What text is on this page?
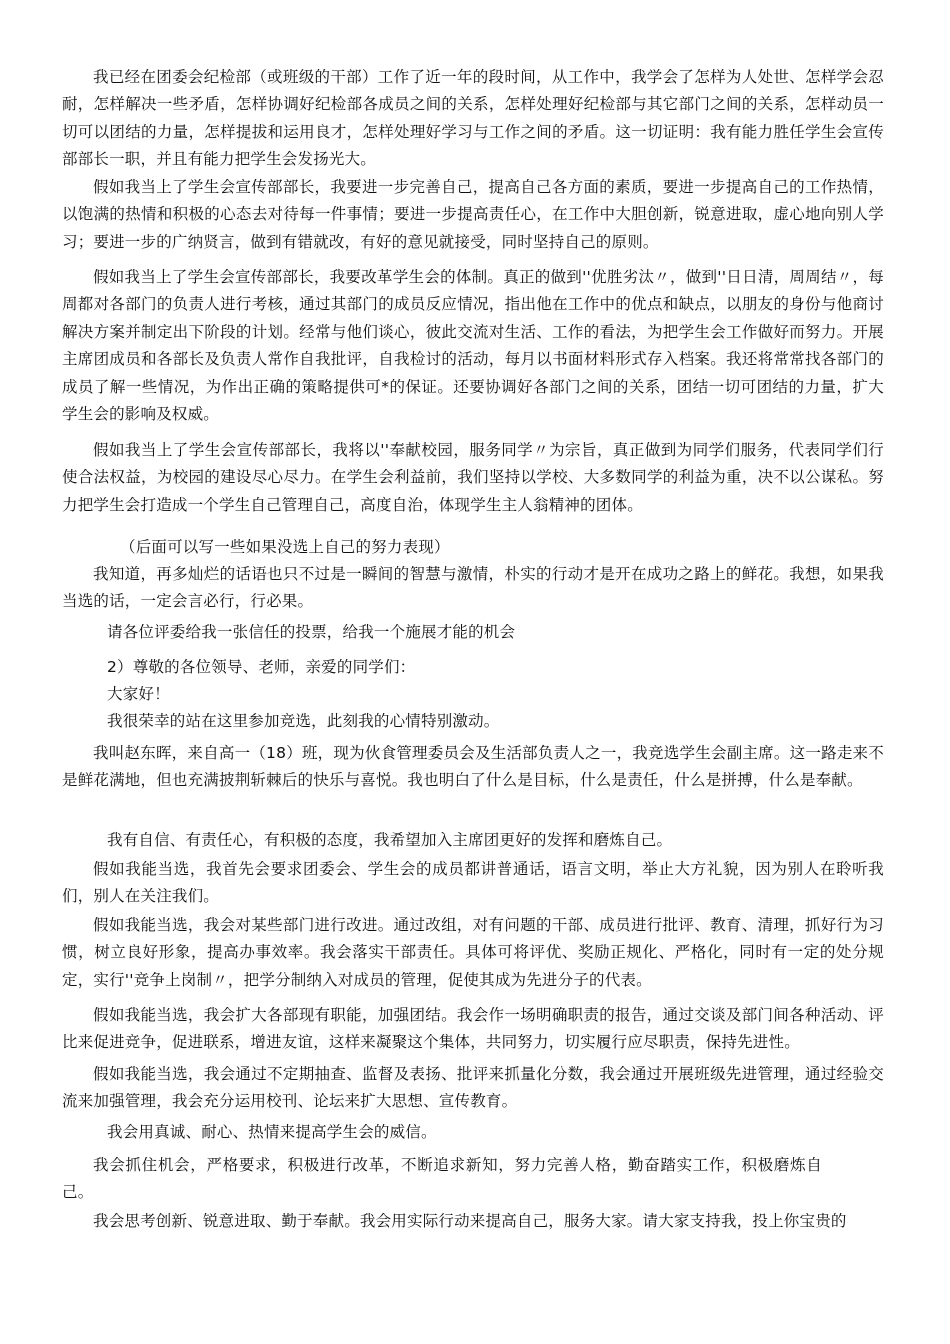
我已经在团委会纪检部（或班级的干部）工作了近一年的段时间，从工作中，我学会了怎样为人处世、怎样学会忍耐，怎样解决一些矛盾，怎样协调好纪检部各成员之间的关系，怎样处理好纪检部与其它部门之间的关系，怎样动员一切可以团结的力量，怎样提拔和运用良才，怎样处理好学习与工作之间的矛盾。这一切证明：我有能力胜任学生会宣传部部长一职，并且有能力把学生会发扬光大。

假如我当上了学生会宣传部部长，我要进一步完善自己，提高自己各方面的素质，要进一步提高自己的工作热情，以饱满的热情和积极的心态去对待每一件事情；要进一步提高责任心，在工作中大胆创新，锐意进取，虚心地向别人学习；要进一步的广纳贤言，做到有错就改，有好的意见就接受，同时坚持自己的原则。

假如我当上了学生会宣传部部长，我要改革学生会的体制。真正的做到''优胜劣汰〃，做到''日日清，周周结〃，每周都对各部门的负责人进行考核，通过其部门的成员反应情况，指出他在工作中的优点和缺点，以朋友的身份与他商讨解决方案并制定出下阶段的计划。经常与他们谈心，彼此交流对生活、工作的看法，为把学生会工作做好而努力。开展主席团成员和各部长及负责人常作自我批评，自我检讨的活动，每月以书面材料形式存入档案。我还将常常找各部门的成员了解一些情况，为作出正确的策略提供可*的保证。还要协调好各部门之间的关系，团结一切可团结的力量，扩大学生会的影响及权威。

假如我当上了学生会宣传部部长，我将以''奉献校园，服务同学〃为宗旨，真正做到为同学们服务，代表同学们行使合法权益，为校园的建设尽心尽力。在学生会利益前，我们坚持以学校、大多数同学的利益为重，决不以公谋私。努力把学生会打造成一个学生自己管理自己，高度自治，体现学生主人翁精神的团体。

（后面可以写一些如果没选上自己的努力表现）

我知道，再多灿烂的话语也只不过是一瞬间的智慧与激情，朴实的行动才是开在成功之路上的鲜花。我想，如果我当选的话，一定会言必行，行必果。

请各位评委给我一张信任的投票，给我一个施展才能的机会

2）尊敬的各位领导、老师，亲爱的同学们：

大家好！

我很荣幸的站在这里参加竞选，此刻我的心情特别激动。

我叫赵东晖，来自高一（18）班，现为伙食管理委员会及生活部负责人之一，我竞选学生会副主席。这一路走来不是鲜花满地，但也充满披荆斩棘后的快乐与喜悦。我也明白了什么是目标，什么是责任，什么是拼搏，什么是奉献。

我有自信、有责任心，有积极的态度，我希望加入主席团更好的发挥和磨炼自己。

假如我能当选，我首先会要求团委会、学生会的成员都讲普通话，语言文明，举止大方礼貌，因为别人在聆听我们，别人在关注我们。

假如我能当选，我会对某些部门进行改进。通过改组，对有问题的干部、成员进行批评、教育、清理，抓好行为习惯，树立良好形象，提高办事效率。我会落实干部责任。具体可将评优、奖励正规化、严格化，同时有一定的处分规定，实行''竞争上岗制〃，把学分制纳入对成员的管理，促使其成为先进分子的代表。

假如我能当选，我会扩大各部现有职能，加强团结。我会作一场明确职责的报告，通过交谈及部门间各种活动、评比来促进竞争，促进联系，增进友谊，这样来凝聚这个集体，共同努力，切实履行应尽职责，保持先进性。

假如我能当选，我会通过不定期抽查、监督及表扬、批评来抓量化分数，我会通过开展班级先进管理，通过经验交流来加强管理，我会充分运用校刊、论坛来扩大思想、宣传教育。

我会用真诚、耐心、热情来提高学生会的威信。

我会抓住机会，严格要求，积极进行改革，不断追求新知，努力完善人格，勤奋踏实工作，积极磨炼自己。

我会思考创新、锐意进取、勤于奉献。我会用实际行动来提高自己，服务大家。请大家支持我，投上你宝贵的
